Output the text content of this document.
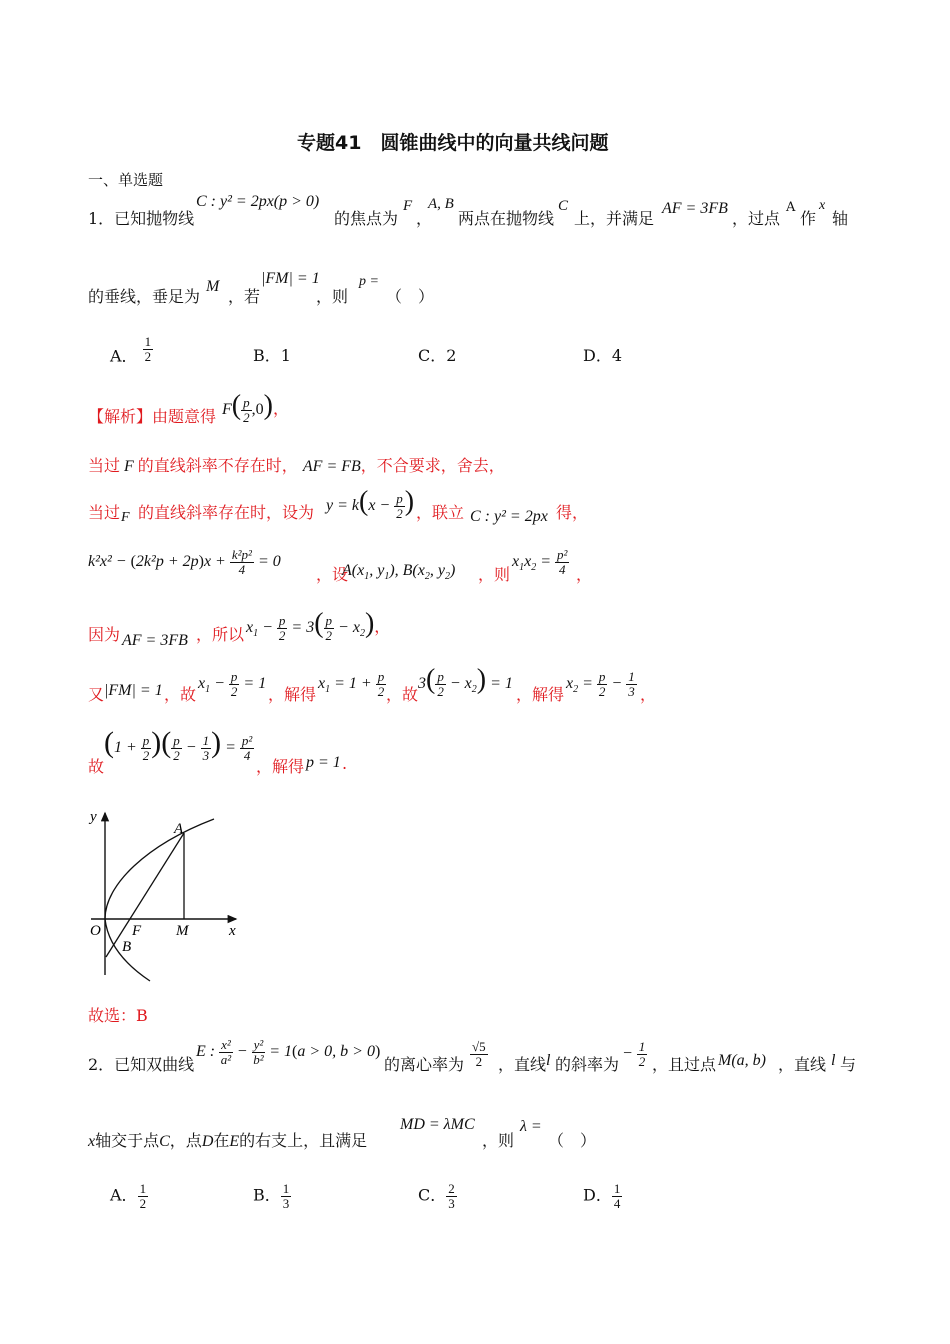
专题41　圆锥曲线中的向量共线问题
一、单选题
1．已知抛物线
C : y² = 2px(p > 0)
的焦点为
F
，
A, B
两点在抛物线
C
上，并满足
AF = 3FB
，过点
A
作
x
轴
的垂线，垂足为
M
，若
|FM| = 1
，则
p =
（　）
A． $\frac{1}{2}$	B．1	C．2	D．4
【解析】由题意得 $F( \frac{p}{2} ,0)$，
当过 F 的直线斜率不存在时， AF = FB，不合要求，舍去，
当过 F 的直线斜率存在时，设为 $y = k(x - \frac{p}{2}$ ) ，联立 C : y² = 2px 得，
$k^2x^2 - (2k^2p + 2p)x + \frac{\text{k²p²}}{4} = 0$
，设
$A(x_1$, $y_1$), $B(x_2$, $y_2$) ，则
$x_1x_2 = \frac{\text{p²}}{4}$ ，
因为 AF = 3FB ，所以 $x_1 - \frac{p}{2} = 3( \frac{p}{2} - x_2)$，
又 |FM| = 1 ，故
$x_1 - \frac{p}{2} = 1$
，解得
$x_1 = 1 + \frac{p}{2}$ ，故
$3( \frac{p}{2} - x_2) = 1$
，解得
$x_2 = \frac{p}{2} - \frac{1}{3}$ ，
故
($1 + \frac{p}{2}$ )( $\frac{p}{2} - \frac{1}{3}$ ) = $\frac{\text{p²}}{4}$
，解得 p = 1 .
y
A
O F M	x
B
故选：B
2．已知双曲线
E : $\frac{\text{x²}}{\text{a²}} - \frac{\text{y²}}{\text{b²}} = 1(a > 0$, b > 0)
的离心率为 $\frac{√5}{2}$ ，直线 l 的斜率为
− $\frac{1}{2}$ ，且过点 M(a, b) ，直线 l 与
x轴交于点C，点D在E的右支上，且满足
MD = λMC
，则
λ =
（　）
A． $\frac{1}{2}$	B． $\frac{1}{3}$	C． $\frac{2}{3}$	D． $\frac{1}{4}$
